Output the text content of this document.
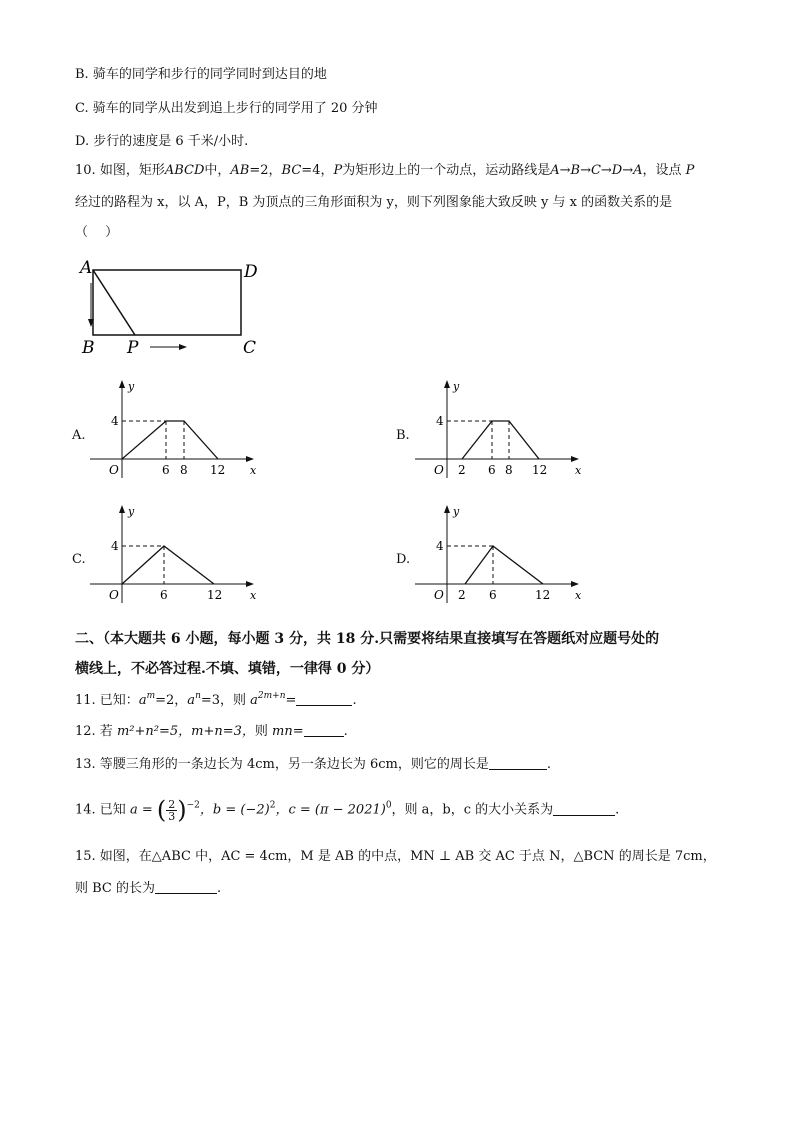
B. 骑车的同学和步行的同学同时到达目的地
C. 骑车的同学从出发到追上步行的同学用了 20 分钟
D. 步行的速度是 6 千米/小时.
10. 如图，矩形ABCD中，AB=2，BC=4，P为矩形边上的一个动点，运动路线是A→B→C→D→A，设点 P
经过的路程为 x，以 A，P，B 为顶点的三角形面积为 y，则下列图象能大致反映 y 与 x 的函数关系的是
（　 ）
A	D
B P	C
A.
y
4
O	6 8 12 x
B.
y
4
O 2 6 8 12	x
C.
y
4
O	6	12	x
D.
y
4
O 2 6	12 x
二、（本大题共 6 小题，每小题 3 分，共 18 分.只需要将结果直接填写在答题纸对应题号处的
横线上，不必答过程.不填、填错，一律得 0 分）
11. 已知：$a^m=2$，$a^n=3$，则 $a^{2m+n}=$	.
12. 若 m²+n²=5，m+n=3，则 mn=	.
13. 等腰三角形的一条边长为 4cm，另一条边长为 6cm，则它的周长是	.
14. 已知 a = ( $\frac{2}{3} )^{-2}$，$b = (-2)^2$，$c = (\pi - 2021)^0$，则 a，b，c 的大小关系为	.
15. 如图，在△ABC 中，AC = 4cm，M 是 AB 的中点，MN ⊥ AB 交 AC 于点 N，△BCN 的周长是 7cm，
则 BC 的长为	.
